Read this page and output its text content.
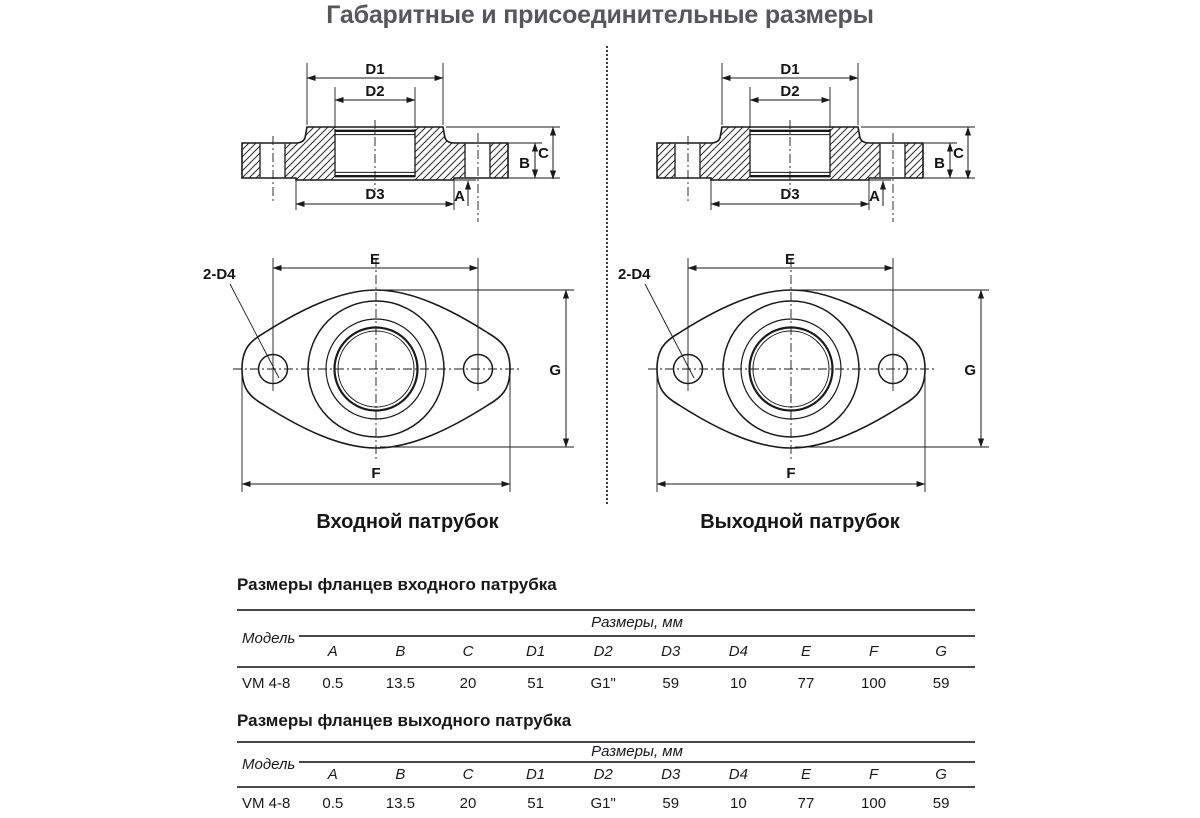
Габаритные и присоединительные размеры
D1
D2
D3	A
B
C
E
F
G
2-D4
D1
D2
D3	A
B
C
E
F
G
2-D4
Входной патрубок	Выходной патрубок
Размеры фланцев входного патрубка
Модель
Размеры, мм
A	B	C	D1	D2	D3	D4	E	F	G
VM 4-8	0.5	13.5	20	51	G1"	59	10	77	100	59
Размеры фланцев выходного патрубка
Модель
Размеры, мм
A	B	C	D1	D2	D3	D4	E	F	G
VM 4-8	0.5	13.5	20	51	G1"	59	10	77	100	59
